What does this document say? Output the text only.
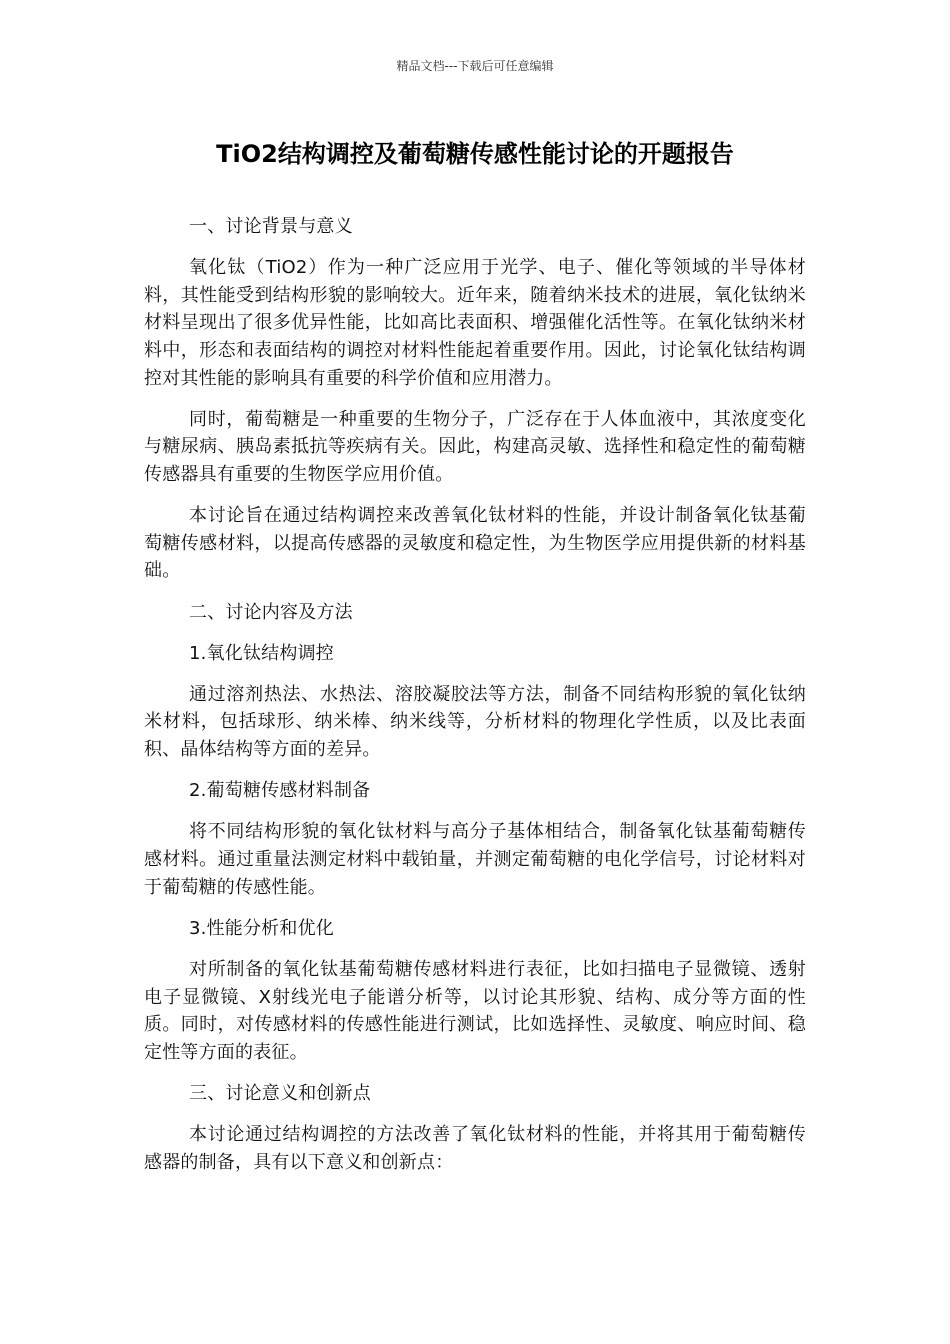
精品文档---下载后可任意编辑
TiO2结构调控及葡萄糖传感性能讨论的开题报告

一、讨论背景与意义

氧化钛（TiO2）作为一种广泛应用于光学、电子、催化等领域的半导体材料，其性能受到结构形貌的影响较大。近年来，随着纳米技术的进展，氧化钛纳米材料呈现出了很多优异性能，比如高比表面积、增强催化活性等。在氧化钛纳米材料中，形态和表面结构的调控对材料性能起着重要作用。因此，讨论氧化钛结构调控对其性能的影响具有重要的科学价值和应用潜力。

同时，葡萄糖是一种重要的生物分子，广泛存在于人体血液中，其浓度变化与糖尿病、胰岛素抵抗等疾病有关。因此，构建高灵敏、选择性和稳定性的葡萄糖传感器具有重要的生物医学应用价值。

本讨论旨在通过结构调控来改善氧化钛材料的性能，并设计制备氧化钛基葡萄糖传感材料，以提高传感器的灵敏度和稳定性，为生物医学应用提供新的材料基础。

二、讨论内容及方法

1.氧化钛结构调控

通过溶剂热法、水热法、溶胶凝胶法等方法，制备不同结构形貌的氧化钛纳米材料，包括球形、纳米棒、纳米线等，分析材料的物理化学性质，以及比表面积、晶体结构等方面的差异。

2.葡萄糖传感材料制备

将不同结构形貌的氧化钛材料与高分子基体相结合，制备氧化钛基葡萄糖传感材料。通过重量法测定材料中载铂量，并测定葡萄糖的电化学信号，讨论材料对于葡萄糖的传感性能。

3.性能分析和优化

对所制备的氧化钛基葡萄糖传感材料进行表征，比如扫描电子显微镜、透射电子显微镜、X射线光电子能谱分析等，以讨论其形貌、结构、成分等方面的性质。同时，对传感材料的传感性能进行测试，比如选择性、灵敏度、响应时间、稳定性等方面的表征。

三、讨论意义和创新点

本讨论通过结构调控的方法改善了氧化钛材料的性能，并将其用于葡萄糖传感器的制备，具有以下意义和创新点：
